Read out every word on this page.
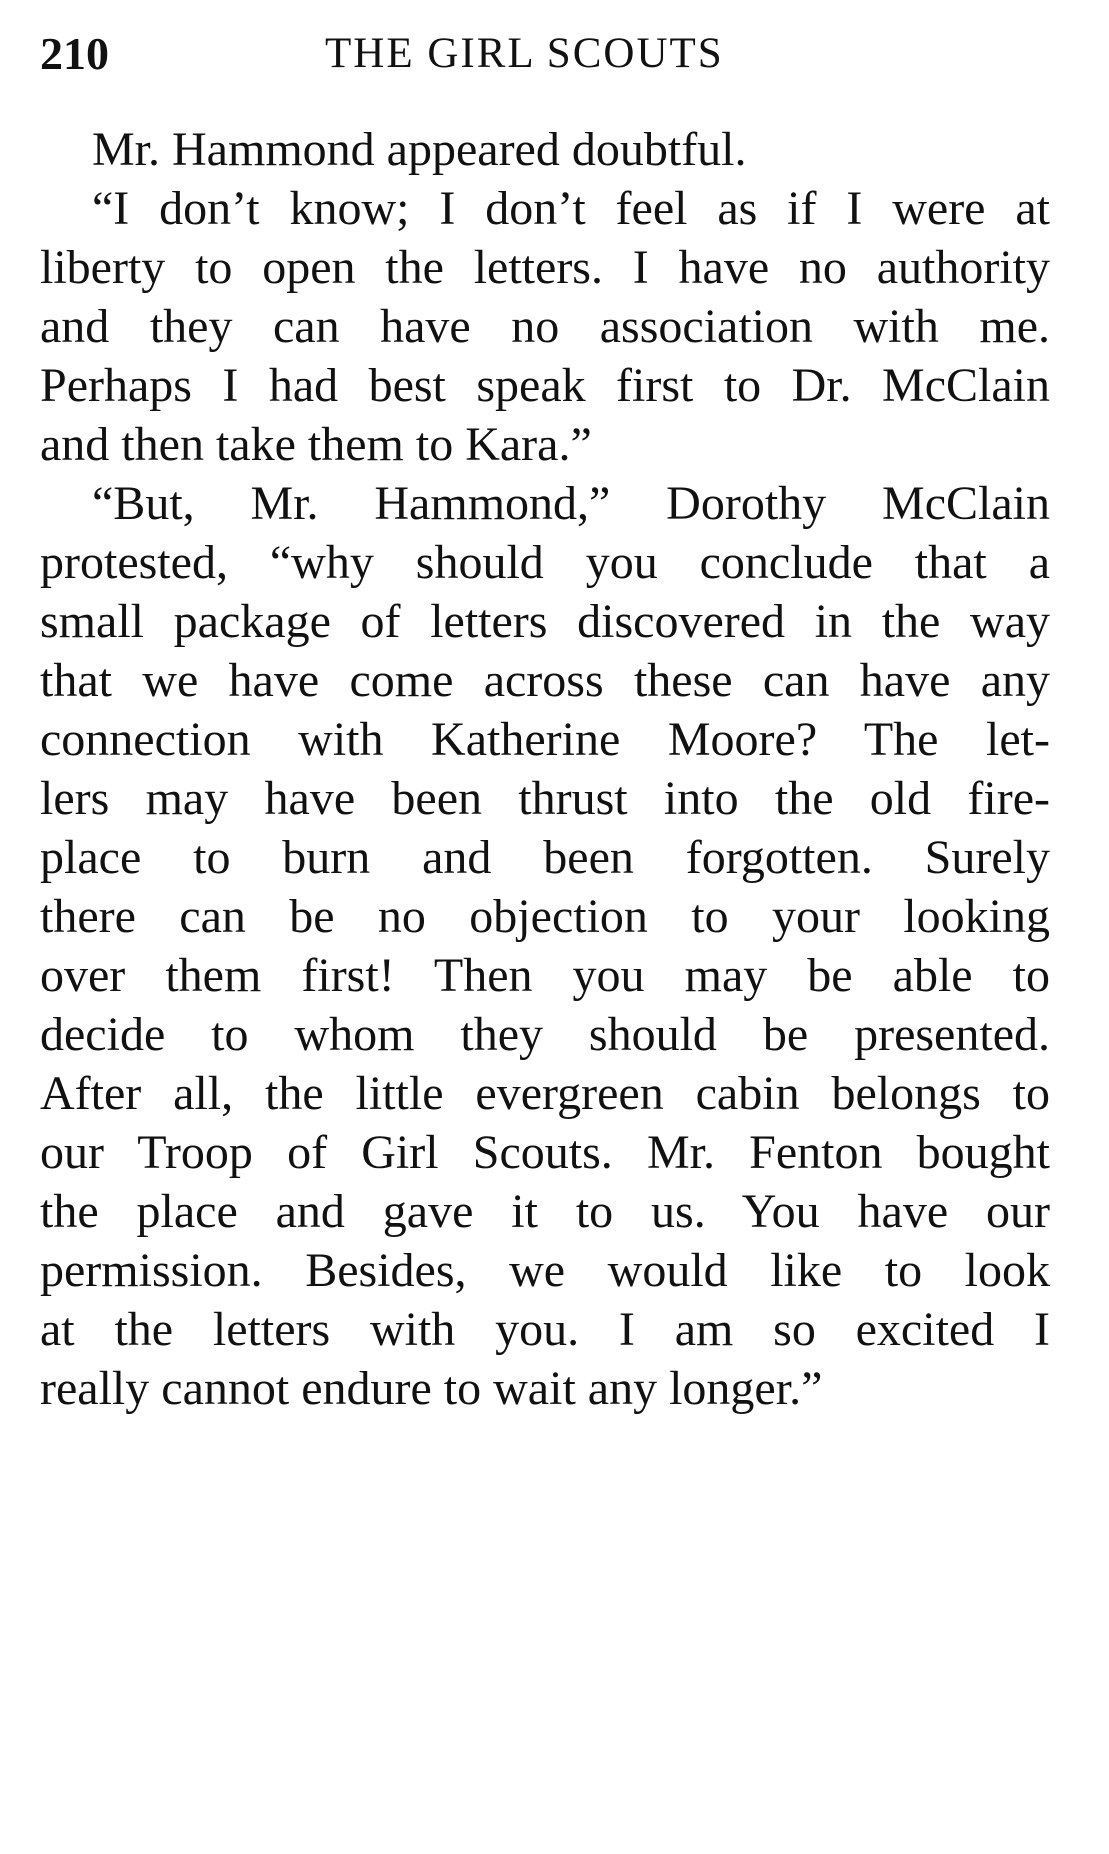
210	THE GIRL SCOUTS
Mr. Hammond appeared doubtful.
“I don’t know; I don’t feel as if I were at
liberty to open the letters. I have no authority
and they can have no association with me.
Perhaps I had best speak first to Dr. McClain
and then take them to Kara.”
“But, Mr. Hammond,” Dorothy McClain
protested, “why should you conclude that a
small package of letters discovered in the way
that we have come across these can have any
connection with Katherine Moore? The let-
lers may have been thrust into the old fire-
place to burn and been forgotten. Surely
there can be no objection to your looking
over them first! Then you may be able to
decide to whom they should be presented.
After all, the little evergreen cabin belongs to
our Troop of Girl Scouts. Mr. Fenton bought
the place and gave it to us. You have our
permission. Besides, we would like to look
at the letters with you. I am so excited I
really cannot endure to wait any longer.”
